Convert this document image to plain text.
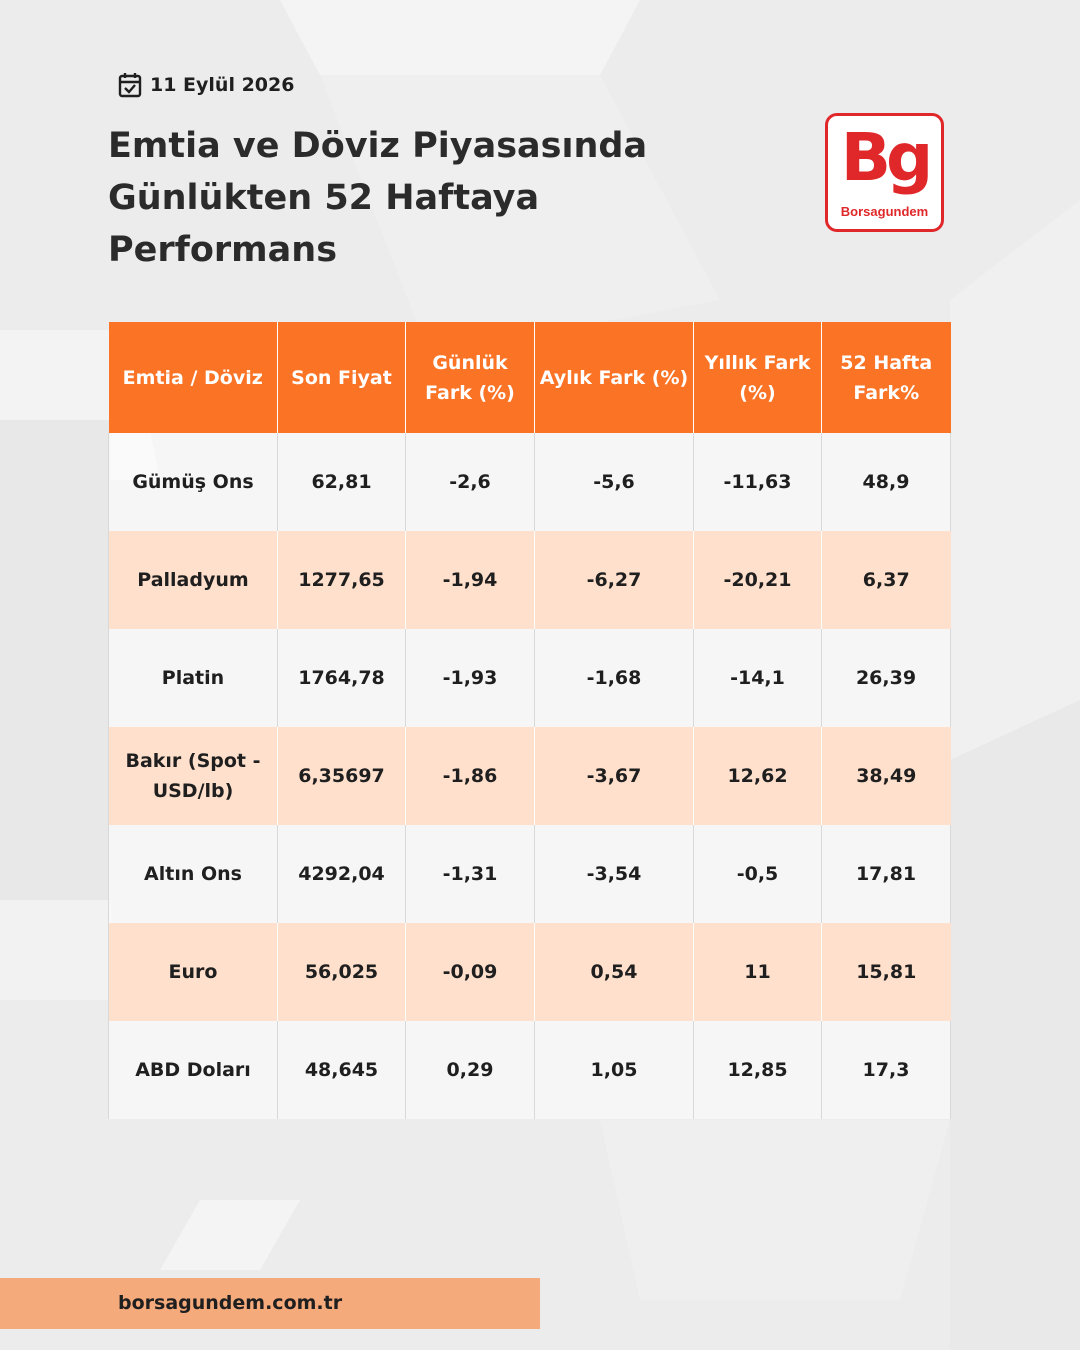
11 Eylül 2026
Emtia ve Döviz Piyasasında Günlükten 52 Haftaya Performans
Bg
Borsagundem
Emtia / Döviz	Son Fiyat	Günlük Fark (%)	Aylık Fark (%)	Yıllık Fark (%)	52 Hafta Fark%
Gümüş Ons	62,81	-2,6	-5,6	-11,63	48,9
Palladyum	1277,65	-1,94	-6,27	-20,21	6,37
Platin	1764,78	-1,93	-1,68	-14,1	26,39
Bakır (Spot - USD/lb)	6,35697	-1,86	-3,67	12,62	38,49
Altın Ons	4292,04	-1,31	-3,54	-0,5	17,81
Euro	56,025	-0,09	0,54	11	15,81
ABD Doları	48,645	0,29	1,05	12,85	17,3
borsagundem.com.tr
